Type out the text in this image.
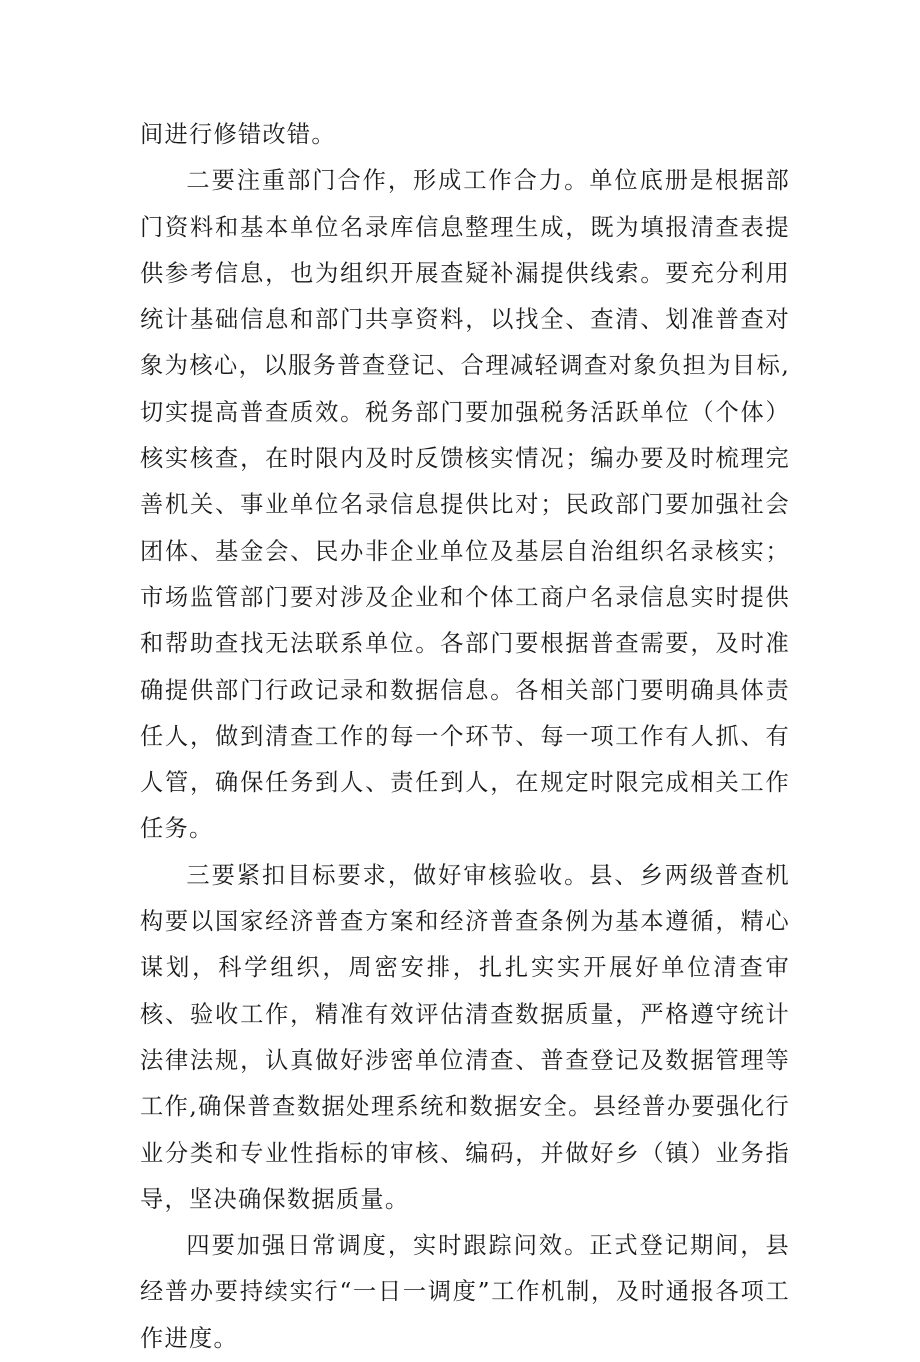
间进行修错改错。

二要注重部门合作，形成工作合力。单位底册是根据部门资料和基本单位名录库信息整理生成，既为填报清查表提供参考信息，也为组织开展查疑补漏提供线索。要充分利用统计基础信息和部门共享资料，以找全、查清、划准普查对象为核心，以服务普查登记、合理减轻调查对象负担为目标,切实提高普查质效。税务部门要加强税务活跃单位（个体）核实核查，在时限内及时反馈核实情况；编办要及时梳理完善机关、事业单位名录信息提供比对；民政部门要加强社会团体、基金会、民办非企业单位及基层自治组织名录核实；市场监管部门要对涉及企业和个体工商户名录信息实时提供和帮助查找无法联系单位。各部门要根据普查需要，及时准确提供部门行政记录和数据信息。各相关部门要明确具体责任人，做到清查工作的每一个环节、每一项工作有人抓、有人管，确保任务到人、责任到人，在规定时限完成相关工作任务。

三要紧扣目标要求，做好审核验收。县、乡两级普查机构要以国家经济普查方案和经济普查条例为基本遵循，精心谋划，科学组织，周密安排，扎扎实实开展好单位清查审核、验收工作，精准有效评估清查数据质量，严格遵守统计法律法规，认真做好涉密单位清查、普查登记及数据管理等工作,确保普查数据处理系统和数据安全。县经普办要强化行业分类和专业性指标的审核、编码，并做好乡（镇）业务指导，坚决确保数据质量。

四要加强日常调度，实时跟踪问效。正式登记期间，县经普办要持续实行“一日一调度”工作机制，及时通报各项工作进度。
